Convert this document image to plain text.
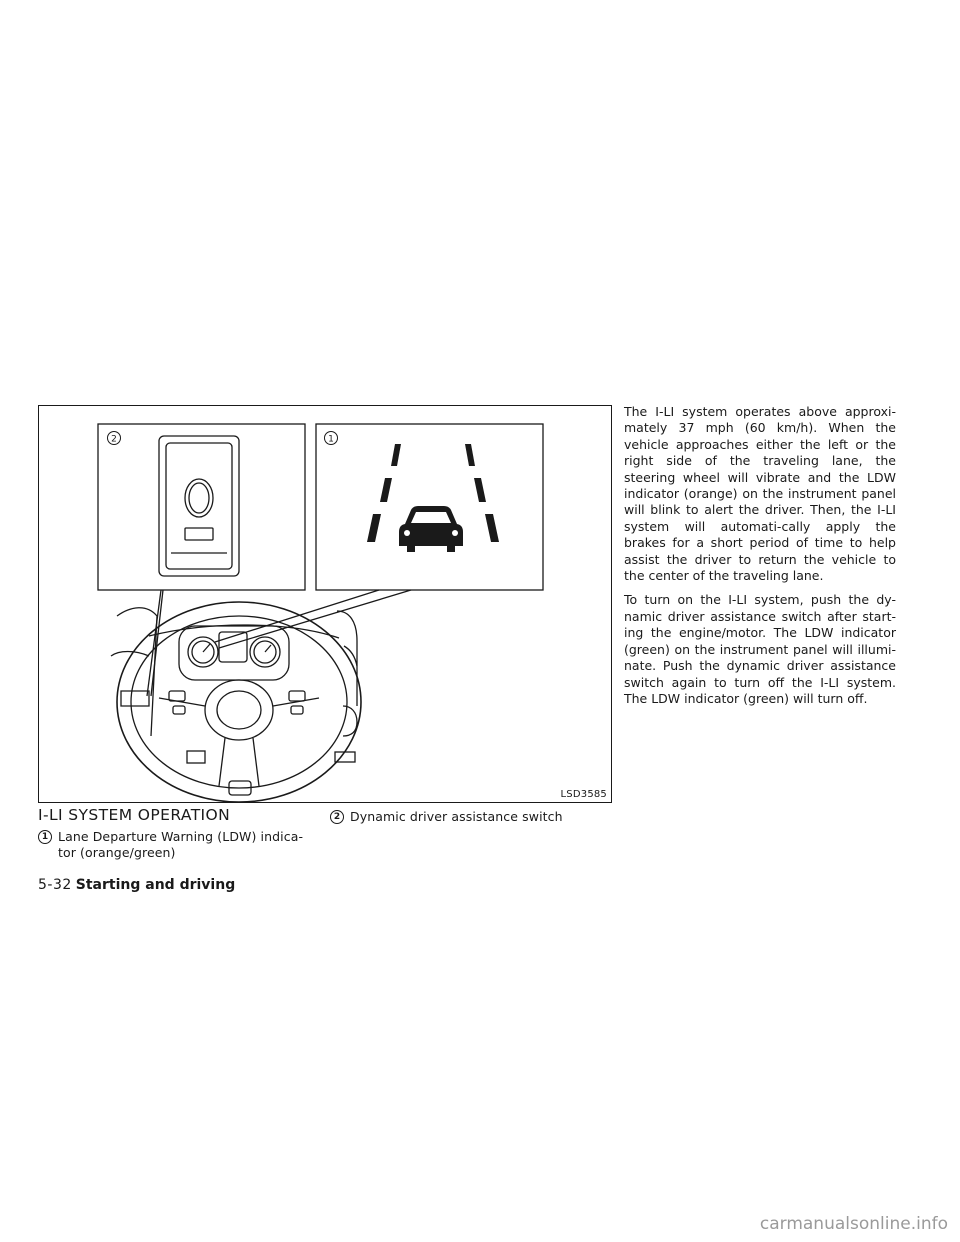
2	1
LSD3585
I-LI SYSTEM OPERATION
1 Lane Departure Warning (LDW) indica-tor (orange/green)
2 Dynamic driver assistance switch

The I-LI system operates above approxi-mately 37 mph (60 km/h). When the vehicle approaches either the left or the right side of the traveling lane, the steering wheel will vibrate and the LDW indicator (orange) on the instrument panel will blink to alert the driver. Then, the I-LI system will automati-cally apply the brakes for a short period of time to help assist the driver to return the vehicle to the center of the traveling lane.

To turn on the I-LI system, push the dy-namic driver assistance switch after start-ing the engine/motor. The LDW indicator (green) on the instrument panel will illumi-nate. Push the dynamic driver assistance switch again to turn off the I-LI system. The LDW indicator (green) will turn off.

5-32 Starting and driving
carmanualsonline.info
